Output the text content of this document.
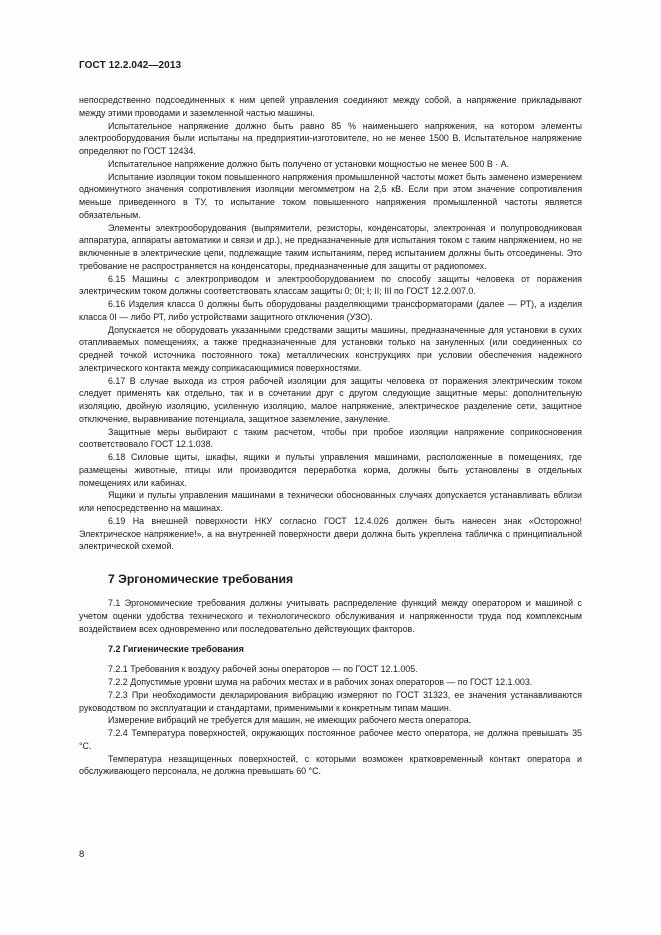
ГОСТ 12.2.042—2013

непосредственно подсоединенных к ним цепей управления соединяют между собой, а напряжение прикладывают между этими проводами и заземленной частью машины.

Испытательное напряжение должно быть равно 85 % наименьшего напряжения, на котором элементы электрооборудования были испытаны на предприятии-изготовителе, но не менее 1500 В. Испытательное напряжение определяют по ГОСТ 12434.

Испытательное напряжение должно быть получено от установки мощностью не менее 500 В · А.

Испытание изоляции током повышенного напряжения промышленной частоты может быть заменено измерением одноминутного значения сопротивления изоляции мегомметром на 2,5 кВ. Если при этом значение сопротивления меньше приведенного в ТУ, то испытание током повышенного напряжения промышленной частоты является обязательным.

Элементы электрооборудования (выпрямители, резисторы, конденсаторы, электронная и полупроводниковая аппаратура, аппараты автоматики и связи и др.), не предназначенные для испытания током с таким напряжением, но не включенные в электрические цепи, подлежащие таким испытаниям, перед испытанием должны быть отсоединены. Это требование не распространяется на конденсаторы, предназначенные для защиты от радиопомех.

6.15 Машины с электроприводом и электрооборудованием по способу защиты человека от поражения электрическим током должны соответствовать классам защиты 0; 0I; I; II; III по ГОСТ 12.2.007.0.

6.16 Изделия класса 0 должны быть оборудованы разделяющими трансформаторами (далее — РТ), а изделия класса 0I — либо РТ, либо устройствами защитного отключения (УЗО).

Допускается не оборудовать указанными средствами защиты машины, предназначенные для установки в сухих отапливаемых помещениях, а также предназначенные для установки только на зануленных (или соединенных со средней точкой источника постоянного тока) металлических конструкциях при условии обеспечения надежного электрического контакта между соприкасающимися поверхностями.

6.17 В случае выхода из строя рабочей изоляции для защиты человека от поражения электрическим током следует применять как отдельно, так и в сочетании друг с другом следующие защитные меры: дополнительную изоляцию, двойную изоляцию, усиленную изоляцию, малое напряжение, электрическое разделение сети, защитное отключение, выравнивание потенциала, защитное заземление, зануление.

Защитные меры выбирают с таким расчетом, чтобы при пробое изоляции напряжение соприкосновения соответствовало ГОСТ 12.1.038.

6.18 Силовые щиты, шкафы, ящики и пульты управления машинами, расположенные в помещениях, где размещены животные, птицы или производится переработка корма, должны быть установлены в отдельных помещениях или кабинах.

Ящики и пульты управления машинами в технически обоснованных случаях допускается устанавливать вблизи или непосредственно на машинах.

6.19 На внешней поверхности НКУ согласно ГОСТ 12.4.026 должен быть нанесен знак «Осторожно! Электрическое напряжение!», а на внутренней поверхности двери должна быть укреплена табличка с принципиальной электрической схемой.

7 Эргономические требования

7.1 Эргономические требования должны учитывать распределение функций между оператором и машиной с учетом оценки удобства технического и технологического обслуживания и напряженности труда под комплексным воздействием всех одновременно или последовательно действующих факторов.

7.2 Гигиенические требования

7.2.1 Требования к воздуху рабочей зоны операторов — по ГОСТ 12.1.005.

7.2.2 Допустимые уровни шума на рабочих местах и в рабочих зонах операторов — по ГОСТ 12.1.003.

7.2.3 При необходимости декларирования вибрацию измеряют по ГОСТ 31323, ее значения устанавливаются руководством по эксплуатации и стандартами, применимыми к конкретным типам машин.

Измерение вибраций не требуется для машин, не имеющих рабочего места оператора.

7.2.4 Температура поверхностей, окружающих постоянное рабочее место оператора, не должна превышать 35 °С.

Температура незащищенных поверхностей, с которыми возможен кратковременный контакт оператора и обслуживающего персонала, не должна превышать 60 °С.

8
